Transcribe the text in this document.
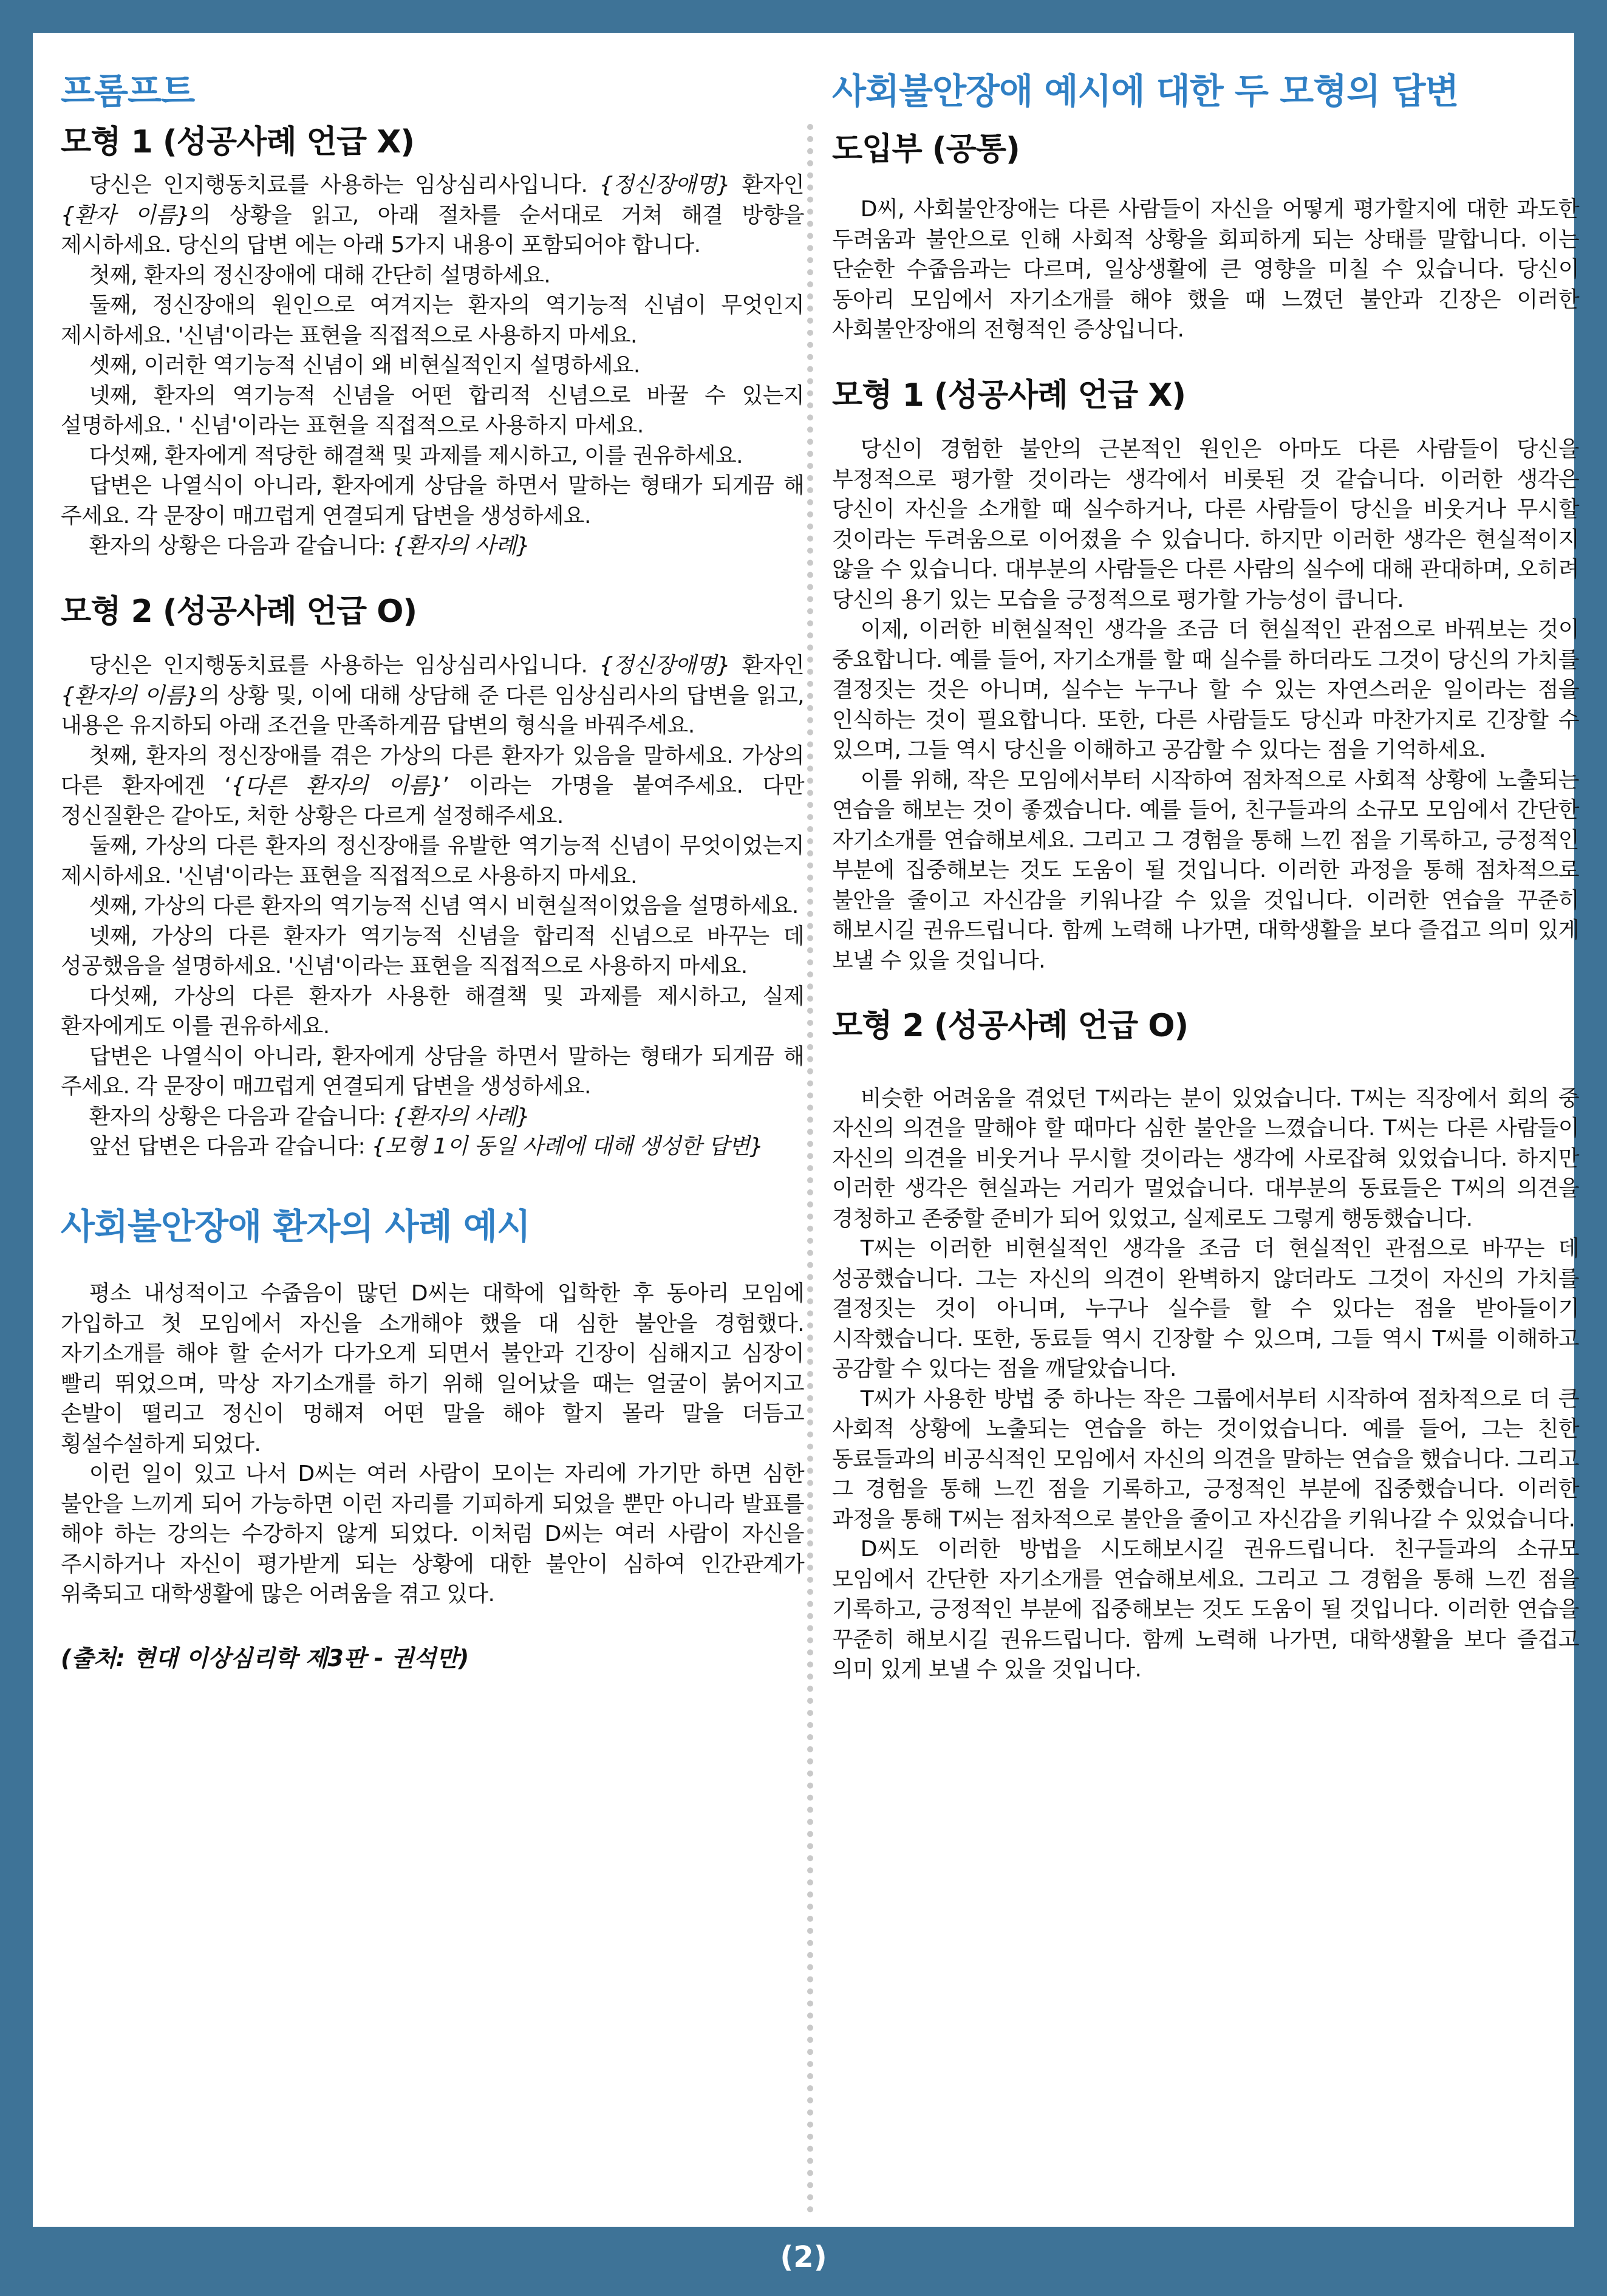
프롬프트
모형 1 (성공사례 언급 X)

당신은 인지행동치료를 사용하는 임상심리사입니다. {정신장애명} 환자인 {환자 이름}의 상황을 읽고, 아래 절차를 순서대로 거쳐 해결 방향을 제시하세요. 당신의 답변 에는 아래 5가지 내용이 포함되어야 합니다.

첫째, 환자의 정신장애에 대해 간단히 설명하세요.

둘째, 정신장애의 원인으로 여겨지는 환자의 역기능적 신념이 무엇인지 제시하세요. '신념'이라는 표현을 직접적으로 사용하지 마세요.

셋째, 이러한 역기능적 신념이 왜 비현실적인지 설명하세요.

넷째, 환자의 역기능적 신념을 어떤 합리적 신념으로 바꿀 수 있는지 설명하세요. ' 신념'이라는 표현을 직접적으로 사용하지 마세요.

다섯째, 환자에게 적당한 해결책 및 과제를 제시하고, 이를 권유하세요.

답변은 나열식이 아니라, 환자에게 상담을 하면서 말하는 형태가 되게끔 해 주세요. 각 문장이 매끄럽게 연결되게 답변을 생성하세요.

환자의 상황은 다음과 같습니다: {환자의 사례}

모형 2 (성공사례 언급 O)

당신은 인지행동치료를 사용하는 임상심리사입니다. {정신장애명} 환자인 {환자의 이름}의 상황 및, 이에 대해 상담해 준 다른 임상심리사의 답변을 읽고, 내용은 유지하되 아래 조건을 만족하게끔 답변의 형식을 바꿔주세요.

첫째, 환자의 정신장애를 겪은 가상의 다른 환자가 있음을 말하세요. 가상의 다른 환자에겐 ‘{다른 환자의 이름}’ 이라는 가명을 붙여주세요. 다만 정신질환은 같아도, 처한 상황은 다르게 설정해주세요.

둘째, 가상의 다른 환자의 정신장애를 유발한 역기능적 신념이 무엇이었는지 제시하세요. '신념'이라는 표현을 직접적으로 사용하지 마세요.

셋째, 가상의 다른 환자의 역기능적 신념 역시 비현실적이었음을 설명하세요.

넷째, 가상의 다른 환자가 역기능적 신념을 합리적 신념으로 바꾸는 데 성공했음을 설명하세요. '신념'이라는 표현을 직접적으로 사용하지 마세요.

다섯째, 가상의 다른 환자가 사용한 해결책 및 과제를 제시하고, 실제 환자에게도 이를 권유하세요.

답변은 나열식이 아니라, 환자에게 상담을 하면서 말하는 형태가 되게끔 해 주세요. 각 문장이 매끄럽게 연결되게 답변을 생성하세요.

환자의 상황은 다음과 같습니다: {환자의 사례}

앞선 답변은 다음과 같습니다: {모형 1이 동일 사례에 대해 생성한 답변}

사회불안장애 환자의 사례 예시

평소 내성적이고 수줍음이 많던 D씨는 대학에 입학한 후 동아리 모임에 가입하고 첫 모임에서 자신을 소개해야 했을 대 심한 불안을 경험했다. 자기소개를 해야 할 순서가 다가오게 되면서 불안과 긴장이 심해지고 심장이 빨리 뛰었으며, 막상 자기소개를 하기 위해 일어났을 때는 얼굴이 붉어지고 손발이 떨리고 정신이 멍해져 어떤 말을 해야 할지 몰라 말을 더듬고 횡설수설하게 되었다.

이런 일이 있고 나서 D씨는 여러 사람이 모이는 자리에 가기만 하면 심한 불안을 느끼게 되어 가능하면 이런 자리를 기피하게 되었을 뿐만 아니라 발표를 해야 하는 강의는 수강하지 않게 되었다. 이처럼 D씨는 여러 사람이 자신을 주시하거나 자신이 평가받게 되는 상황에 대한 불안이 심하여 인간관계가 위축되고 대학생활에 많은 어려움을 겪고 있다.

(출처: 현대 이상심리학 제3판 - 권석만)
사회불안장애 예시에 대한 두 모형의 답변
도입부 (공통)

D씨, 사회불안장애는 다른 사람들이 자신을 어떻게 평가할지에 대한 과도한 두려움과 불안으로 인해 사회적 상황을 회피하게 되는 상태를 말합니다. 이는 단순한 수줍음과는 다르며, 일상생활에 큰 영향을 미칠 수 있습니다. 당신이 동아리 모임에서 자기소개를 해야 했을 때 느꼈던 불안과 긴장은 이러한 사회불안장애의 전형적인 증상입니다.

모형 1 (성공사례 언급 X)

당신이 경험한 불안의 근본적인 원인은 아마도 다른 사람들이 당신을 부정적으로 평가할 것이라는 생각에서 비롯된 것 같습니다. 이러한 생각은 당신이 자신을 소개할 때 실수하거나, 다른 사람들이 당신을 비웃거나 무시할 것이라는 두려움으로 이어졌을 수 있습니다. 하지만 이러한 생각은 현실적이지 않을 수 있습니다. 대부분의 사람들은 다른 사람의 실수에 대해 관대하며, 오히려 당신의 용기 있는 모습을 긍정적으로 평가할 가능성이 큽니다.

이제, 이러한 비현실적인 생각을 조금 더 현실적인 관점으로 바꿔보는 것이 중요합니다. 예를 들어, 자기소개를 할 때 실수를 하더라도 그것이 당신의 가치를 결정짓는 것은 아니며, 실수는 누구나 할 수 있는 자연스러운 일이라는 점을 인식하는 것이 필요합니다. 또한, 다른 사람들도 당신과 마찬가지로 긴장할 수 있으며, 그들 역시 당신을 이해하고 공감할 수 있다는 점을 기억하세요.

이를 위해, 작은 모임에서부터 시작하여 점차적으로 사회적 상황에 노출되는 연습을 해보는 것이 좋겠습니다. 예를 들어, 친구들과의 소규모 모임에서 간단한 자기소개를 연습해보세요. 그리고 그 경험을 통해 느낀 점을 기록하고, 긍정적인 부분에 집중해보는 것도 도움이 될 것입니다. 이러한 과정을 통해 점차적으로 불안을 줄이고 자신감을 키워나갈 수 있을 것입니다. 이러한 연습을 꾸준히 해보시길 권유드립니다. 함께 노력해 나가면, 대학생활을 보다 즐겁고 의미 있게 보낼 수 있을 것입니다.

모형 2 (성공사례 언급 O)

비슷한 어려움을 겪었던 T씨라는 분이 있었습니다. T씨는 직장에서 회의 중 자신의 의견을 말해야 할 때마다 심한 불안을 느꼈습니다. T씨는 다른 사람들이 자신의 의견을 비웃거나 무시할 것이라는 생각에 사로잡혀 있었습니다. 하지만 이러한 생각은 현실과는 거리가 멀었습니다. 대부분의 동료들은 T씨의 의견을 경청하고 존중할 준비가 되어 있었고, 실제로도 그렇게 행동했습니다.

T씨는 이러한 비현실적인 생각을 조금 더 현실적인 관점으로 바꾸는 데 성공했습니다. 그는 자신의 의견이 완벽하지 않더라도 그것이 자신의 가치를 결정짓는 것이 아니며, 누구나 실수를 할 수 있다는 점을 받아들이기 시작했습니다. 또한, 동료들 역시 긴장할 수 있으며, 그들 역시 T씨를 이해하고 공감할 수 있다는 점을 깨달았습니다.

T씨가 사용한 방법 중 하나는 작은 그룹에서부터 시작하여 점차적으로 더 큰 사회적 상황에 노출되는 연습을 하는 것이었습니다. 예를 들어, 그는 친한 동료들과의 비공식적인 모임에서 자신의 의견을 말하는 연습을 했습니다. 그리고 그 경험을 통해 느낀 점을 기록하고, 긍정적인 부분에 집중했습니다. 이러한 과정을 통해 T씨는 점차적으로 불안을 줄이고 자신감을 키워나갈 수 있었습니다.

D씨도 이러한 방법을 시도해보시길 권유드립니다. 친구들과의 소규모 모임에서 간단한 자기소개를 연습해보세요. 그리고 그 경험을 통해 느낀 점을 기록하고, 긍정적인 부분에 집중해보는 것도 도움이 될 것입니다. 이러한 연습을 꾸준히 해보시길 권유드립니다. 함께 노력해 나가면, 대학생활을 보다 즐겁고 의미 있게 보낼 수 있을 것입니다.

(2)
